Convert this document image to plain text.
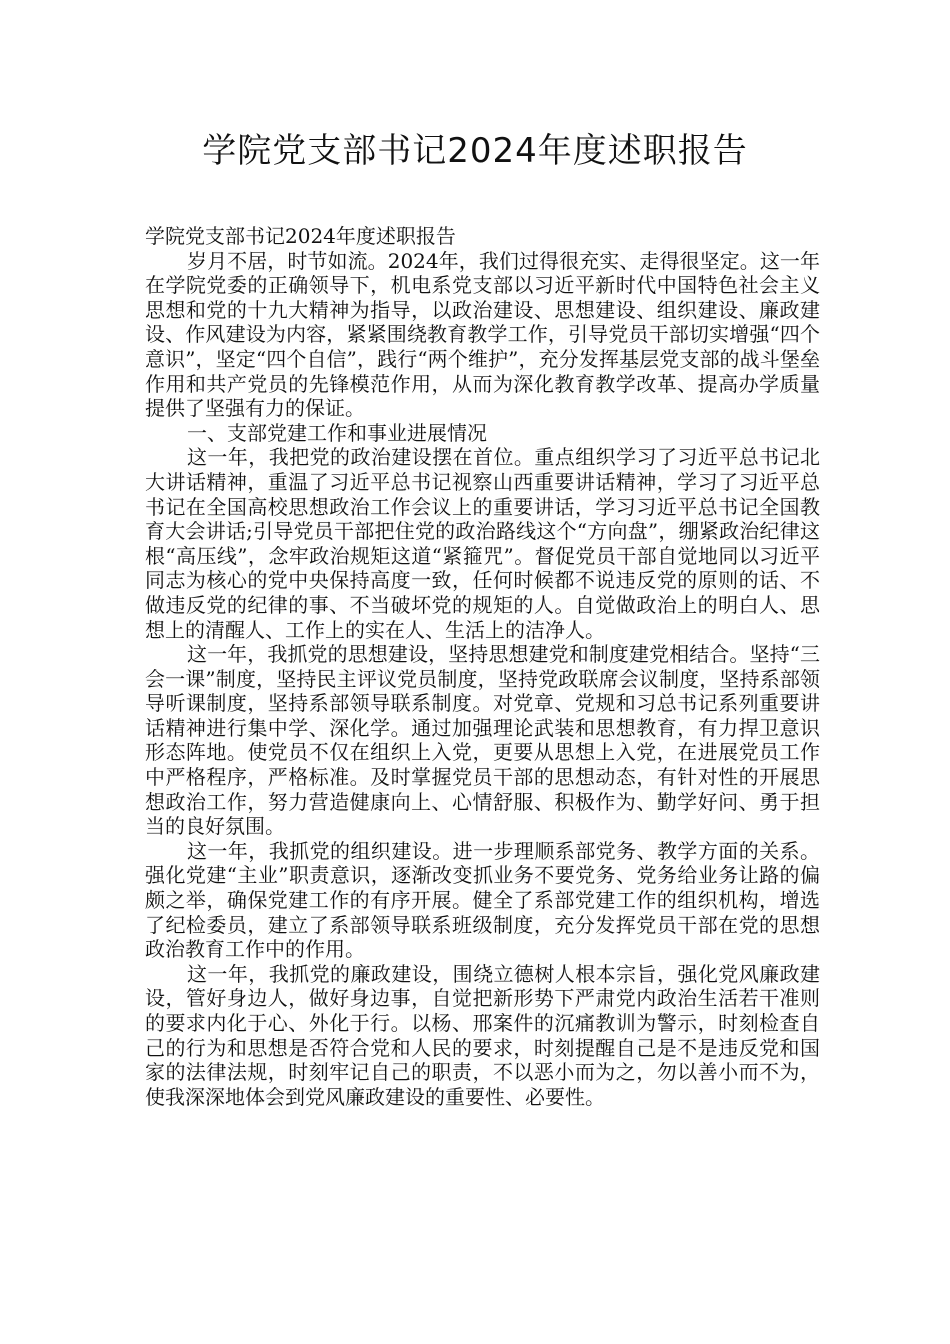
学院党支部书记2024年度述职报告

学院党支部书记2024年度述职报告

岁月不居，时节如流。2024年，我们过得很充实、走得很坚定。这一年在学院党委的正确领导下，机电系党支部以习近平新时代中国特色社会主义思想和党的十九大精神为指导，以政治建设、思想建设、组织建设、廉政建设、作风建设为内容，紧紧围绕教育教学工作，引导党员干部切实增强“四个意识”，坚定“四个自信”，践行“两个维护”，充分发挥基层党支部的战斗堡垒作用和共产党员的先锋模范作用，从而为深化教育教学改革、提高办学质量提供了坚强有力的保证。

一、支部党建工作和事业进展情况

这一年，我把党的政治建设摆在首位。重点组织学习了习近平总书记北大讲话精神，重温了习近平总书记视察山西重要讲话精神，学习了习近平总书记在全国高校思想政治工作会议上的重要讲话，学习习近平总书记全国教育大会讲话;引导党员干部把住党的政治路线这个“方向盘”，绷紧政治纪律这根“高压线”，念牢政治规矩这道“紧箍咒”。督促党员干部自觉地同以习近平同志为核心的党中央保持高度一致，任何时候都不说违反党的原则的话、不做违反党的纪律的事、不当破坏党的规矩的人。自觉做政治上的明白人、思想上的清醒人、工作上的实在人、生活上的洁净人。

这一年，我抓党的思想建设，坚持思想建党和制度建党相结合。坚持“三会一课”制度，坚持民主评议党员制度，坚持党政联席会议制度，坚持系部领导听课制度，坚持系部领导联系制度。对党章、党规和习总书记系列重要讲话精神进行集中学、深化学。通过加强理论武装和思想教育，有力捍卫意识形态阵地。使党员不仅在组织上入党，更要从思想上入党，在进展党员工作中严格程序，严格标准。及时掌握党员干部的思想动态，有针对性的开展思想政治工作，努力营造健康向上、心情舒服、积极作为、勤学好问、勇于担当的良好氛围。

这一年，我抓党的组织建设。进一步理顺系部党务、教学方面的关系。强化党建“主业”职责意识，逐渐改变抓业务不要党务、党务给业务让路的偏颇之举，确保党建工作的有序开展。健全了系部党建工作的组织机构，增选了纪检委员，建立了系部领导联系班级制度，充分发挥党员干部在党的思想政治教育工作中的作用。

这一年，我抓党的廉政建设，围绕立德树人根本宗旨，强化党风廉政建设，管好身边人，做好身边事，自觉把新形势下严肃党内政治生活若干准则的要求内化于心、外化于行。以杨、邢案件的沉痛教训为警示，时刻检查自己的行为和思想是否符合党和人民的要求，时刻提醒自己是不是违反党和国家的法律法规，时刻牢记自己的职责，不以恶小而为之，勿以善小而不为，使我深深地体会到党风廉政建设的重要性、必要性。
